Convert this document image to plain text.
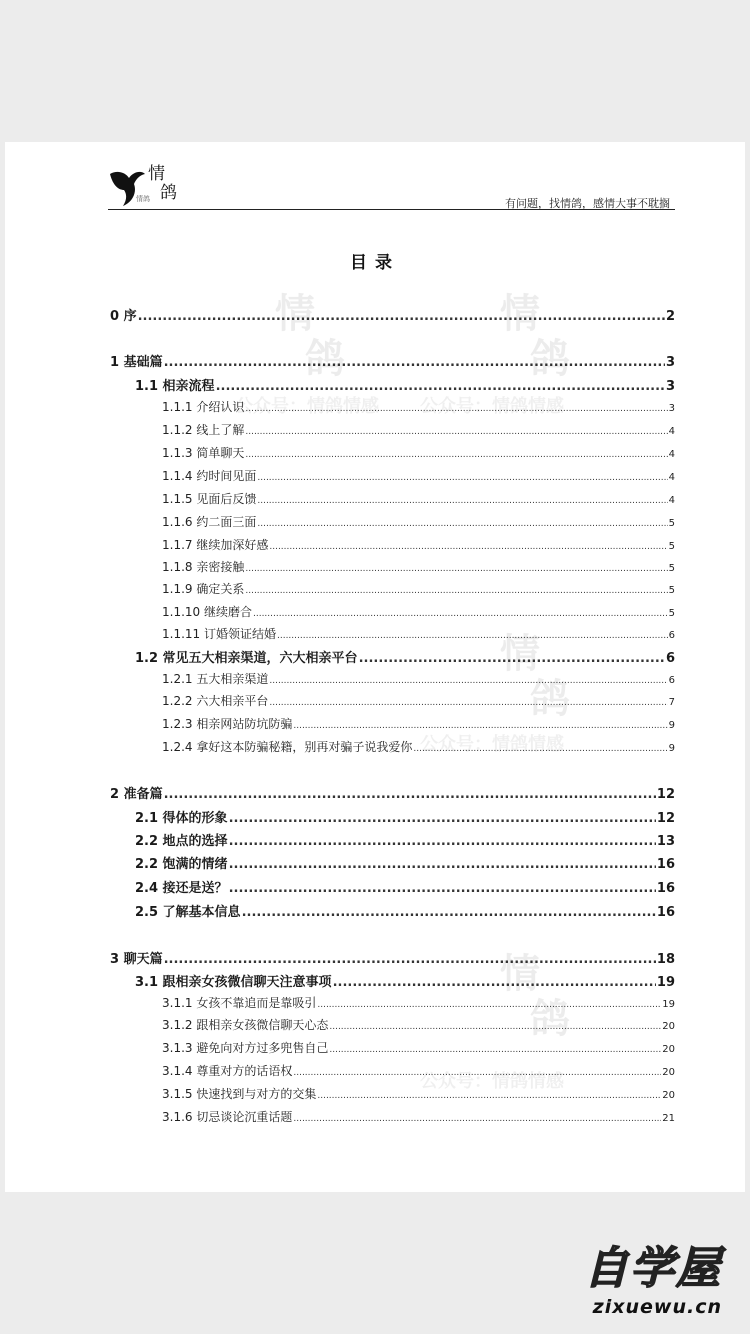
情
鸽
情
鸽
公众号：情鸽情感 公众号：情鸽情感
情
鸽
公众号：情鸽情感
情
鸽
公众号：情鸽情感
情
鸽
情鸽	有问题，找情鸽，感情大事不耽搁
目录
0 序 .....	2
1 基础篇 .....	3
1.1 相亲流程 .....	3
1.1.1 介绍认识 .....	3
1.1.2 线上了解 .....	4
1.1.3 简单聊天 .....	4
1.1.4 约时间见面 .....	4
1.1.5 见面后反馈 .....	4
1.1.6 约二面三面 .....	5
1.1.7 继续加深好感 .....	5
1.1.8 亲密接触 .....	5
1.1.9 确定关系 .....	5
1.1.10 继续磨合 .....	5
1.1.11 订婚领证结婚 .....	6
1.2 常见五大相亲渠道，六大相亲平台 .....	6
1.2.1 五大相亲渠道 .....	6
1.2.2 六大相亲平台 .....	7
1.2.3 相亲网站防坑防骗 .....	9
1.2.4 拿好这本防骗秘籍，别再对骗子说我爱你 .....	9
2 准备篇 .....	12
2.1 得体的形象 .....	12
2.2 地点的选择 .....	13
2.2 饱满的情绪 .....	16
2.4 接还是送？ .....	16
2.5 了解基本信息 .....	16
3 聊天篇 .....	18
3.1 跟相亲女孩微信聊天注意事项 .....	19
3.1.1 女孩不靠追而是靠吸引 .....	19
3.1.2 跟相亲女孩微信聊天心态 .....	20
3.1.3 避免向对方过多兜售自己 .....	20
3.1.4 尊重对方的话语权 .....	20
3.1.5 快速找到与对方的交集 .....	20
3.1.6 切忌谈论沉重话题 .....	21
自学屋
zixuewu.cn
